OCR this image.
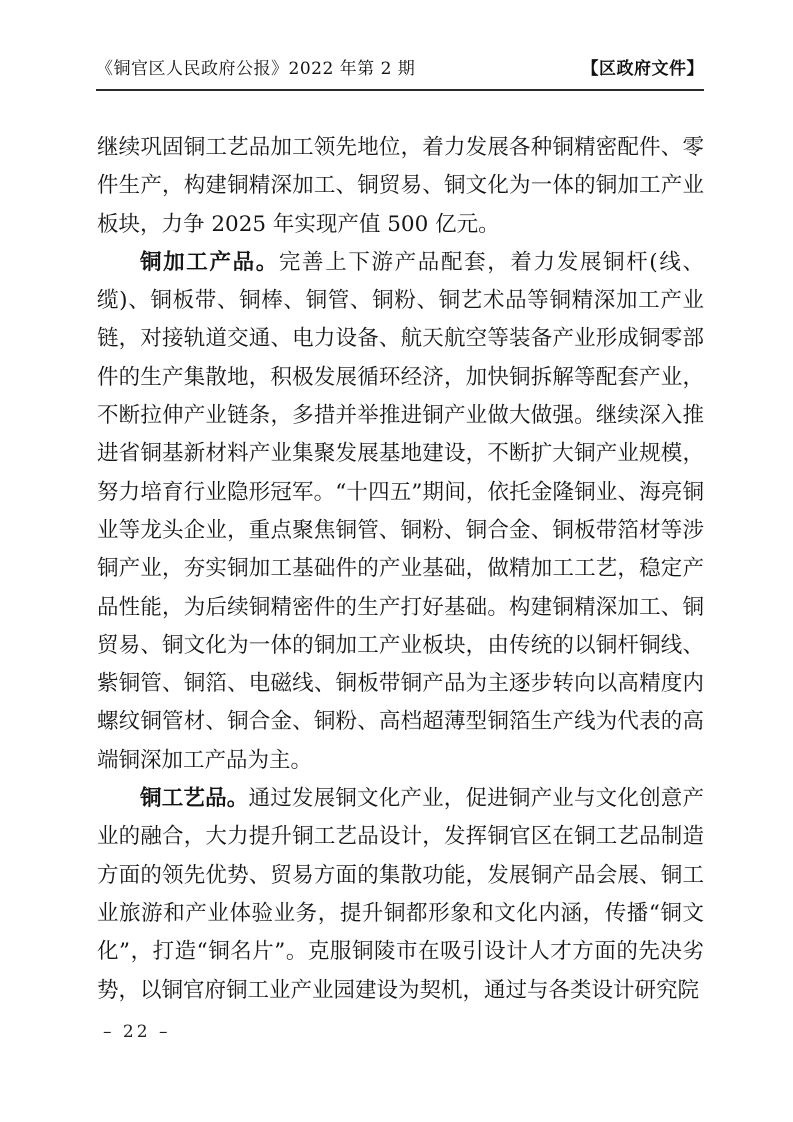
《铜官区人民政府公报》2022 年第 2 期	【区政府文件】

继续巩固铜工艺品加工领先地位，着力发展各种铜精密配件、零件生产，构建铜精深加工、铜贸易、铜文化为一体的铜加工产业板块，力争 2025 年实现产值 500 亿元。

铜加工产品。完善上下游产品配套，着力发展铜杆(线、缆)、铜板带、铜棒、铜管、铜粉、铜艺术品等铜精深加工产业链，对接轨道交通、电力设备、航天航空等装备产业形成铜零部件的生产集散地，积极发展循环经济，加快铜拆解等配套产业，不断拉伸产业链条，多措并举推进铜产业做大做强。继续深入推进省铜基新材料产业集聚发展基地建设，不断扩大铜产业规模，努力培育行业隐形冠军。“十四五”期间，依托金隆铜业、海亮铜业等龙头企业，重点聚焦铜管、铜粉、铜合金、铜板带箔材等涉铜产业，夯实铜加工基础件的产业基础，做精加工工艺，稳定产品性能，为后续铜精密件的生产打好基础。构建铜精深加工、铜贸易、铜文化为一体的铜加工产业板块，由传统的以铜杆铜线、紫铜管、铜箔、电磁线、铜板带铜产品为主逐步转向以高精度内螺纹铜管材、铜合金、铜粉、高档超薄型铜箔生产线为代表的高端铜深加工产品为主。

铜工艺品。通过发展铜文化产业，促进铜产业与文化创意产业的融合，大力提升铜工艺品设计，发挥铜官区在铜工艺品制造方面的领先优势、贸易方面的集散功能，发展铜产品会展、铜工业旅游和产业体验业务，提升铜都形象和文化内涵，传播“铜文化”，打造“铜名片”。克服铜陵市在吸引设计人才方面的先决劣势，以铜官府铜工业产业园建设为契机，通过与各类设计研究院

– 22 –
